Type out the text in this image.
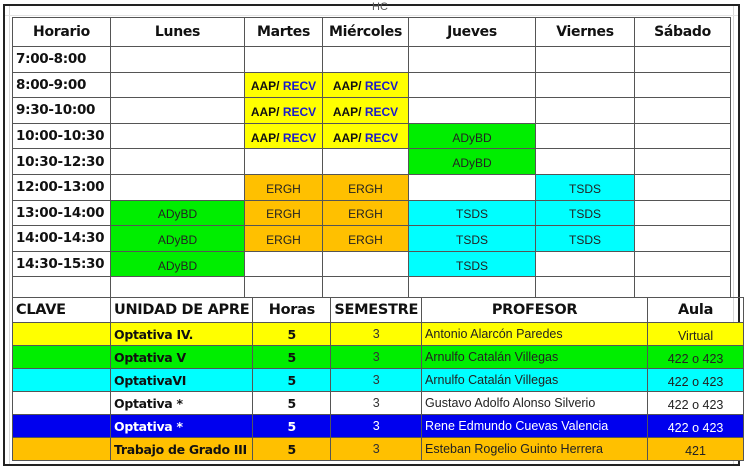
HC
Horario	Lunes	Martes	Miércoles	Jueves	Viernes	Sábado
7:00-8:00						
8:00-9:00		AAP/ RECV	AAP/ RECV			
9:30-10:00		AAP/ RECV	AAP/ RECV			
10:00-10:30		AAP/ RECV	AAP/ RECV	ADyBD		
10:30-12:30				ADyBD		
12:00-13:00		ERGH	ERGH		TSDS	
13:00-14:00	ADyBD	ERGH	ERGH	TSDS	TSDS	
14:00-14:30	ADyBD	ERGH	ERGH	TSDS	TSDS	
14:30-15:30	ADyBD			TSDS		

CLAVE	UNIDAD DE APRE	Horas	SEMESTRE	PROFESOR	Aula
	Optativa IV.	5	3	Antonio Alarcón Paredes	Virtual
	Optativa V	5	3	Arnulfo Catalán Villegas	422 o 423
	OptativaVI	5	3	Arnulfo Catalán Villegas	422 o 423
	Optativa *	5	3	Gustavo Adolfo Alonso Silverio	422 o 423
	Optativa *	5	3	Rene Edmundo Cuevas Valencia	422 o 423
	Trabajo de Grado III	5	3	Esteban Rogelio Guinto Herrera	421
